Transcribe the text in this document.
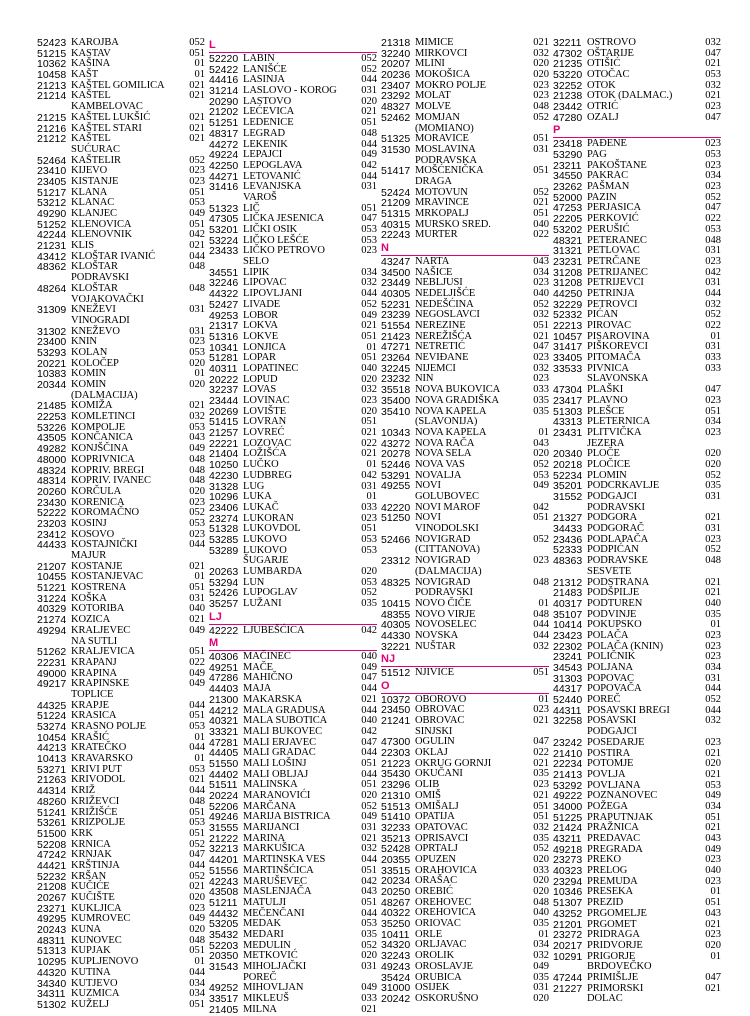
52423 KAROJBA	052
51215 KASTAV	051
10362 KAŠINA	01
10458 KAŠT	01
21213 KAŠTEL GOMILICA 021
21214 KAŠTEL	021
KAMBELOVAC
21215 KAŠTEL LUKŠIĆ	021
21216 KAŠTEL STARI	021
21212 KAŠTEL	021
SUĆURAC
52464 KAŠTELIR	052
23410 KIJEVO	023
23405 KISTANJE	023
51217 KLANA	051
53212 KLANAC	053
49290 KLANJEC	049
51252 KLENOVICA	051
42244 KLENOVNIK	042
21231 KLIS	021
43412 KLOŠTAR IVANIĆ	044
48362 KLOŠTAR	048
PODRAVSKI
48264 KLOŠTAR	048
VOJAKOVAČKI
31309 KNEŽEVI	031
VINOGRADI
31302 KNEŽEVO	031
23400 KNIN	023
53293 KOLAN	053
20221 KOLOČEP	020
10383 KOMIN	01
20344 KOMIN	020
(DALMACIJA)
21485 KOMIŽA	021
22253 KOMLETINCI	032
53226 KOMPOLJE	053
43505 KONČANICA	043
49282 KONJŠČINA	049
48000 KOPRIVNICA	048
48324 KOPRIV. BREGI	048
48314 KOPRIV. IVANEC	048
20260 KORČULA	020
23430 KORENICA	023
52222 KOROMAČNO	052
23203 KOSINJ	053
23412 KOSOVO	023
44433 KOSTAJNIČKI	044
MAJUR
21207 KOSTANJE	021
10455 KOSTANJEVAC	01
51221 KOSTRENA	051
31224 KOŠKA	031
40329 KOTORIBA	040
21274 KOZICA	021
49294 KRALJEVEC	049
NA SUTLI
51262 KRALJEVICA	051
22231 KRAPANJ	022
49000 KRAPINA	049
49217 KRAPINSKE	049
TOPLICE
44325 KRAPJE	044
51224 KRASICA	051
53274 KRASNO POLJE	053
10454 KRAŠIĆ	01
44213 KRATEČKO	044
10413 KRAVARSKO	01
53271 KRIVI PUT	053
21263 KRIVODOL	021
44314 KRIŽ	044
48260 KRIŽEVCI	048
51241 KRIŽIŠĆE	051
53261 KRIZPOLJE	053
51500 KRK	051
52208 KRNICA	052
47242 KRNJAK	047
44421 KRŠTINJA	044
52232 KRŠAN	052
21208 KUČIĆE	021
20267 KUČIŠTE	020
23271 KUKLJICA	023
49295 KUMROVEC	049
20243 KUNA	020
48311 KUNOVEC	048
51313 KUPJAK	051
10295 KUPLJENOVO	01
44320 KUTINA	044
34340 KUTJEVO	034
34311 KUZMICA	034
51302 KUŽELJ	051
L
52220 LABIN	052
52422 LANIŠĆE	052
44416 LASINJA	044
31214 LASLOVO - KOROG 031
20290 LASTOVO	020
21202 LEĆEVICA	021
51251 LEDENICE	051
48317 LEGRAD	048
44272 LEKENIK	044
49224 LEPAJCI	049
42250 LEPOGLAVA	042
44271 LETOVANIĆ	044
31416 LEVANJSKA	031
VAROŠ
51323 LIČ	051
47305 LIČKA JESENICA	047
53201 LIČKI OSIK	053
53224 LIČKO LEŠĆE	053
23433 LIČKO PETROVO	023
SELO
34551 LIPIK	034
32246 LIPOVAC	032
44322 LIPOVLJANI	044
52427 LIVADE	052
49253 LOBOR	049
21317 LOKVA	021
51316 LOKVE	051
10341 LONJICA	01
51281 LOPAR	051
40311 LOPATINEC	040
20222 LOPUD	020
32237 LOVAS	032
23444 LOVINAC	023
20269 LOVIŠTE	020
51415 LOVRAN	051
21257 LOVREĆ	021
22221 LOZOVAC	022
21404 LOŽIŠĆA	021
10250 LUČKO	01
42230 LUDBREG	042
31328 LUG	031
10296 LUKA	01
23406 LUKAČ	033
23274 LUKORAN	023
51328 LUKOVDOL	051
53285 LUKOVO	053
53289 LUKOVO	053
ŠUGARJE
20263 LUMBARDA	020
53294 LUN	053
52426 LUPOGLAV	052
35257 LUŽANI	035
LJ
42222 LJUBEŠĆICA	042
M
40306 MAČINEC	040
49251 MAČE	049
47286 MAHIČNO	047
44403 MAJA	044
21300 MAKARSKA	021
44212 MALA GRADUSA	044
40321 MALA SUBOTICA	040
33321 MALI BUKOVEC	042
47281 MALI ERJAVEC	047
44405 MALI GRADAC	044
51550 MALI LOŠINJ	051
44402 MALI OBLJAJ	044
51511 MALINSKA	051
20224 MARANOVIĆI	020
52206 MARČANA	052
49246 MARIJA BISTRICA	049
31555 MARIJANCI	031
21222 MARINA	021
32213 MARKUŠICA	032
44201 MARTINSKA VES	044
51556 MARTINŠĆICA	051
42243 MARUŠEVEC	042
43508 MASLENJAČA	043
51211 MATULJI	051
44432 MEČENČANI	044
53205 MEDAK	053
35432 MEDARI	035
52203 MEDULIN	052
20350 METKOVIĆ	020
31543 MIHOLJAČKI	031
POREČ
49252 MIHOVLJAN	049
33517 MIKLEUŠ	033
21405 MILNA	021
21318 MIMICE	021
32240 MIRKOVCI	032
20207 MLINI	020
20236 MOKOŠICA	020
23407 MOKRO POLJE	023
23292 MOLAT	023
48327 MOLVE	048
52462 MOMJAN	052
(MOMIANO)
51325 MORAVICE	051
31530 MOSLAVINA	031
PODRAVSKA
51417 MOŠĆENIČKA	051
DRAGA
52424 MOTOVUN	052
21209 MRAVINCE	021
51315 MRKOPALJ	051
40315 MURSKO SRED.	040
22243 MURTER	022
N
43247 NARTA	043
34500 NAŠICE	034
23449 NEBLJUSI	023
40305 NEDELJIŠĆE	040
52231 NEDEŠĆINA	052
23239 NEGOSLAVCI	032
51554 NEREZINE	051
21423 NEREŽIŠĆA	021
47271 NETRETIĆ	047
23264 NEVIĐANE	023
32245 NIJEMCI	032
23232 NIN	023
35518 NOVA BUKOVICA	033
35400 NOVA GRADIŠKA	035
35410 NOVA KAPELA	035
(SLAVONIJA)
10343 NOVA KAPELA	01
43272 NOVA RAČA	043
20278 NOVA SELA	020
52446 NOVA VAS	052
53291 NOVALJA	053
49255 NOVI	049
GOLUBOVEC
42220 NOVI MAROF	042
51250 NOVI	051
VINODOLSKI
52466 NOVIGRAD	052
(CITTANOVA)
23312 NOVIGRAD	023
(DALMACIJA)
48325 NOVIGRAD	048
PODRAVSKI
10415 NOVO ČIČE	01
48355 NOVO VIRJE	048
40305 NOVOSELEC	044
44330 NOVSKA	044
32221 NUŠTAR	032
NJ
51512 NJIVICE	051
O
10372 OBOROVO	01
23450 OBROVAC	023
21241 OBROVAC	021
SINJSKI
47300 OGULIN	047
22303 OKLAJ	022
21223 OKRUG GORNJI	021
35430 OKUČANI	035
23296 OLIB	023
21310 OMIŠ	021
51513 OMIŠALJ	051
51410 OPATIJA	051
32233 OPATOVAC	032
35213 OPRISAVCI	035
52428 OPRTALJ	052
20355 OPUZEN	020
33515 ORAHOVICA	033
20234 ORAŠAC	020
20250 OREBIĆ	020
48267 OREHOVEC	048
40322 OREHOVICA	040
35250 ORIOVAC	035
10411 ORLE	01
34320 ORLJAVAC	034
32243 OROLIK	032
49243 OROSLAVJE	049
35424 ORUBICA	035
31000 OSIJEK	031
20242 OSKORUŠNO	020
32211 OSTROVO	032
47302 OŠTARIJE	047
21235 OTIŠIĆ	021
53220 OTOČAC	053
32252 OTOK	032
21238 OTOK (DALMAC.)	021
23442 OTRIĆ	023
47280 OZALJ	047
P
23418 PAĐENE	023
53290 PAG	053
23211 PAKOŠTANE	023
34550 PAKRAC	034
23262 PAŠMAN	023
52000 PAZIN	052
47253 PERJASICA	047
22205 PERKOVIĆ	022
53202 PERUŠIĆ	053
48321 PETERANEC	048
31321 PETLOVAC	031
23231 PETRČANE	023
31208 PETRIJANEC	042
31208 PETRIJEVCI	031
44250 PETRINJA	044
32229 PETROVCI	032
52332 PIĆAN	052
22213 PIROVAC	022
10457 PISAROVINA	01
31417 PIŠKOREVCI	031
33405 PITOMAČA	033
33533 PIVNICA	033
SLAVONSKA
47304 PLAŠKI	047
23417 PLAVNO	023
51303 PLEŠCE	051
43313 PLETERNICA	034
23431 PLITVIČKA	023
JEZERA
20340 PLOČE	020
20218 PLOČICE	020
52234 PLOMIN	052
35201 PODCRKAVLJE	035
31552 PODGAJCI	031
PODRAVSKI
21327 PODGORA	021
34433 PODGORAČ	031
23436 PODLAPAČA	023
52333 PODPIĆAN	052
48363 PODRAVSKE	048
SESVETE
21312 PODSTRANA	021
21483 PODŠPILJE	021
40317 PODTUREN	040
35107 PODVINJE	035
10414 POKUPSKO	01
23423 POLAČA	023
22302 POLAČA (KNIN)	023
23241 POLIČNIK	023
34543 POLJANA	034
31303 POPOVAC	031
44317 POPOVAČA	044
52440 POREČ	052
44311 POSAVSKI BREGI	044
32258 POSAVSKI	032
PODGAJCI
23242 POSEDARJE	023
21410 POSTIRA	021
22234 POTOMJE	020
21413 POVLJA	021
53292 POVLJANA	053
49222 POZNANOVEC	049
34000 POŽEGA	034
51225 PRAPUTNJAK	051
21424 PRAŽNICA	021
43211 PREDAVAC	043
49218 PREGRADA	049
23273 PREKO	023
40323 PRELOG	040
23294 PREMUDA	023
10346 PRESEKA	01
51307 PREZID	051
43252 PRGOMELJE	043
21201 PRGOMET	021
23272 PRIDRAGA	023
20217 PRIDVORJE	020
10291 PRIGORJE	01
BRDOVEČKO
47244 PRIMIŠLJE	047
21227 PRIMORSKI	021
DOLAC
